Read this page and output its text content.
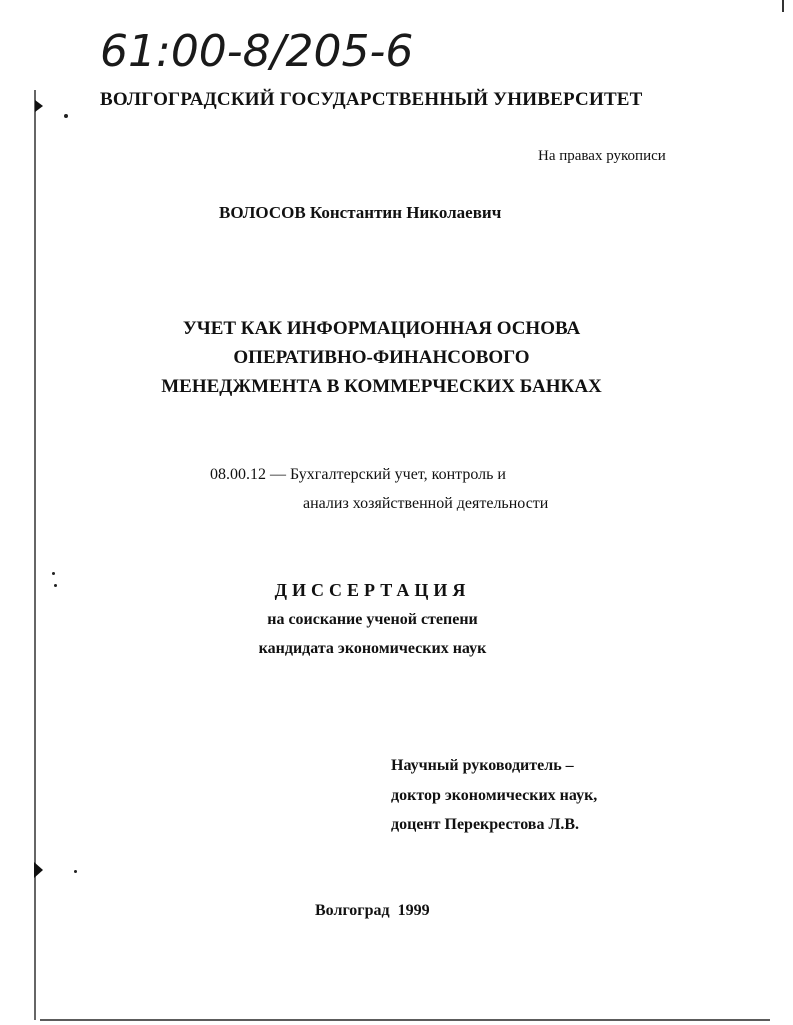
61:00-8/205-6
ВОЛГОГРАДСКИЙ ГОСУДАРСТВЕННЫЙ УНИВЕРСИТЕТ
На правах рукописи
ВОЛОСОВ Константин Николаевич
УЧЕТ КАК ИНФОРМАЦИОННАЯ ОСНОВА
ОПЕРАТИВНО-ФИНАНСОВОГО
МЕНЕДЖМЕНТА В КОММЕРЧЕСКИХ БАНКАХ
08.00.12 — Бухгалтерский учет, контроль и
анализ хозяйственной деятельности
ДИССЕРТАЦИЯ
на соискание ученой степени
кандидата экономических наук
Научный руководитель –
доктор экономических наук,
доцент Перекрестова Л.В.
Волгоград  1999
